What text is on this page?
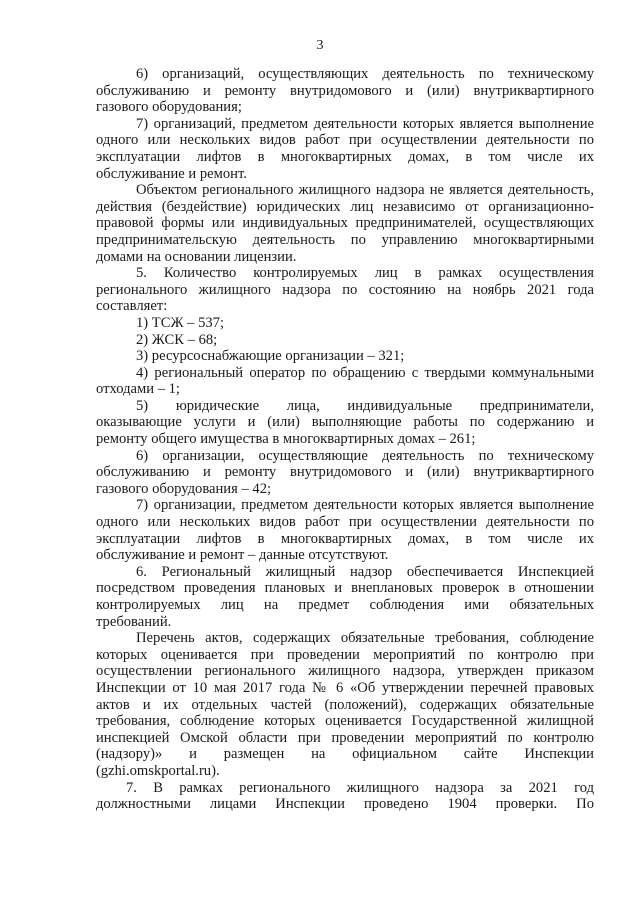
3
6) организаций, осуществляющих деятельность по техническому
обслуживанию и ремонту внутридомового и (или) внутриквартирного
газового оборудования;
7) организаций, предметом деятельности которых является выполнение
одного или нескольких видов работ при осуществлении деятельности по
эксплуатации лифтов в многоквартирных домах, в том числе их
обслуживание и ремонт.
Объектом регионального жилищного надзора не является деятельность,
действия (бездействие) юридических лиц независимо от организационно-
правовой формы или индивидуальных предпринимателей, осуществляющих
предпринимательскую деятельность по управлению многоквартирными
домами на основании лицензии.
5. Количество контролируемых лиц в рамках осуществления
регионального жилищного надзора по состоянию на ноябрь 2021 года
составляет:
1) ТСЖ – 537;
2) ЖСК – 68;
3) ресурсоснабжающие организации – 321;
4) региональный оператор по обращению с твердыми коммунальными
отходами – 1;
5) юридические лица, индивидуальные предприниматели,
оказывающие услуги и (или) выполняющие работы по содержанию и
ремонту общего имущества в многоквартирных домах – 261;
6) организации, осуществляющие деятельность по техническому
обслуживанию и ремонту внутридомового и (или) внутриквартирного
газового оборудования – 42;
7) организации, предметом деятельности которых является выполнение
одного или нескольких видов работ при осуществлении деятельности по
эксплуатации лифтов в многоквартирных домах, в том числе их
обслуживание и ремонт – данные отсутствуют.
6. Региональный жилищный надзор обеспечивается Инспекцией
посредством проведения плановых и внеплановых проверок в отношении
контролируемых лиц на предмет соблюдения ими обязательных
требований.
Перечень актов, содержащих обязательные требования, соблюдение
которых оценивается при проведении мероприятий по контролю при
осуществлении регионального жилищного надзора, утвержден приказом
Инспекции от 10 мая 2017 года № 6 «Об утверждении перечней правовых
актов и их отдельных частей (положений), содержащих обязательные
требования, соблюдение которых оценивается Государственной жилищной
инспекцией Омской области при проведении мероприятий по контролю
(надзору)» и размещен на официальном сайте Инспекции
(gzhi.omskportal.ru).
7. В рамках регионального жилищного надзора за 2021 год
должностными лицами Инспекции проведено 1904 проверки. По
